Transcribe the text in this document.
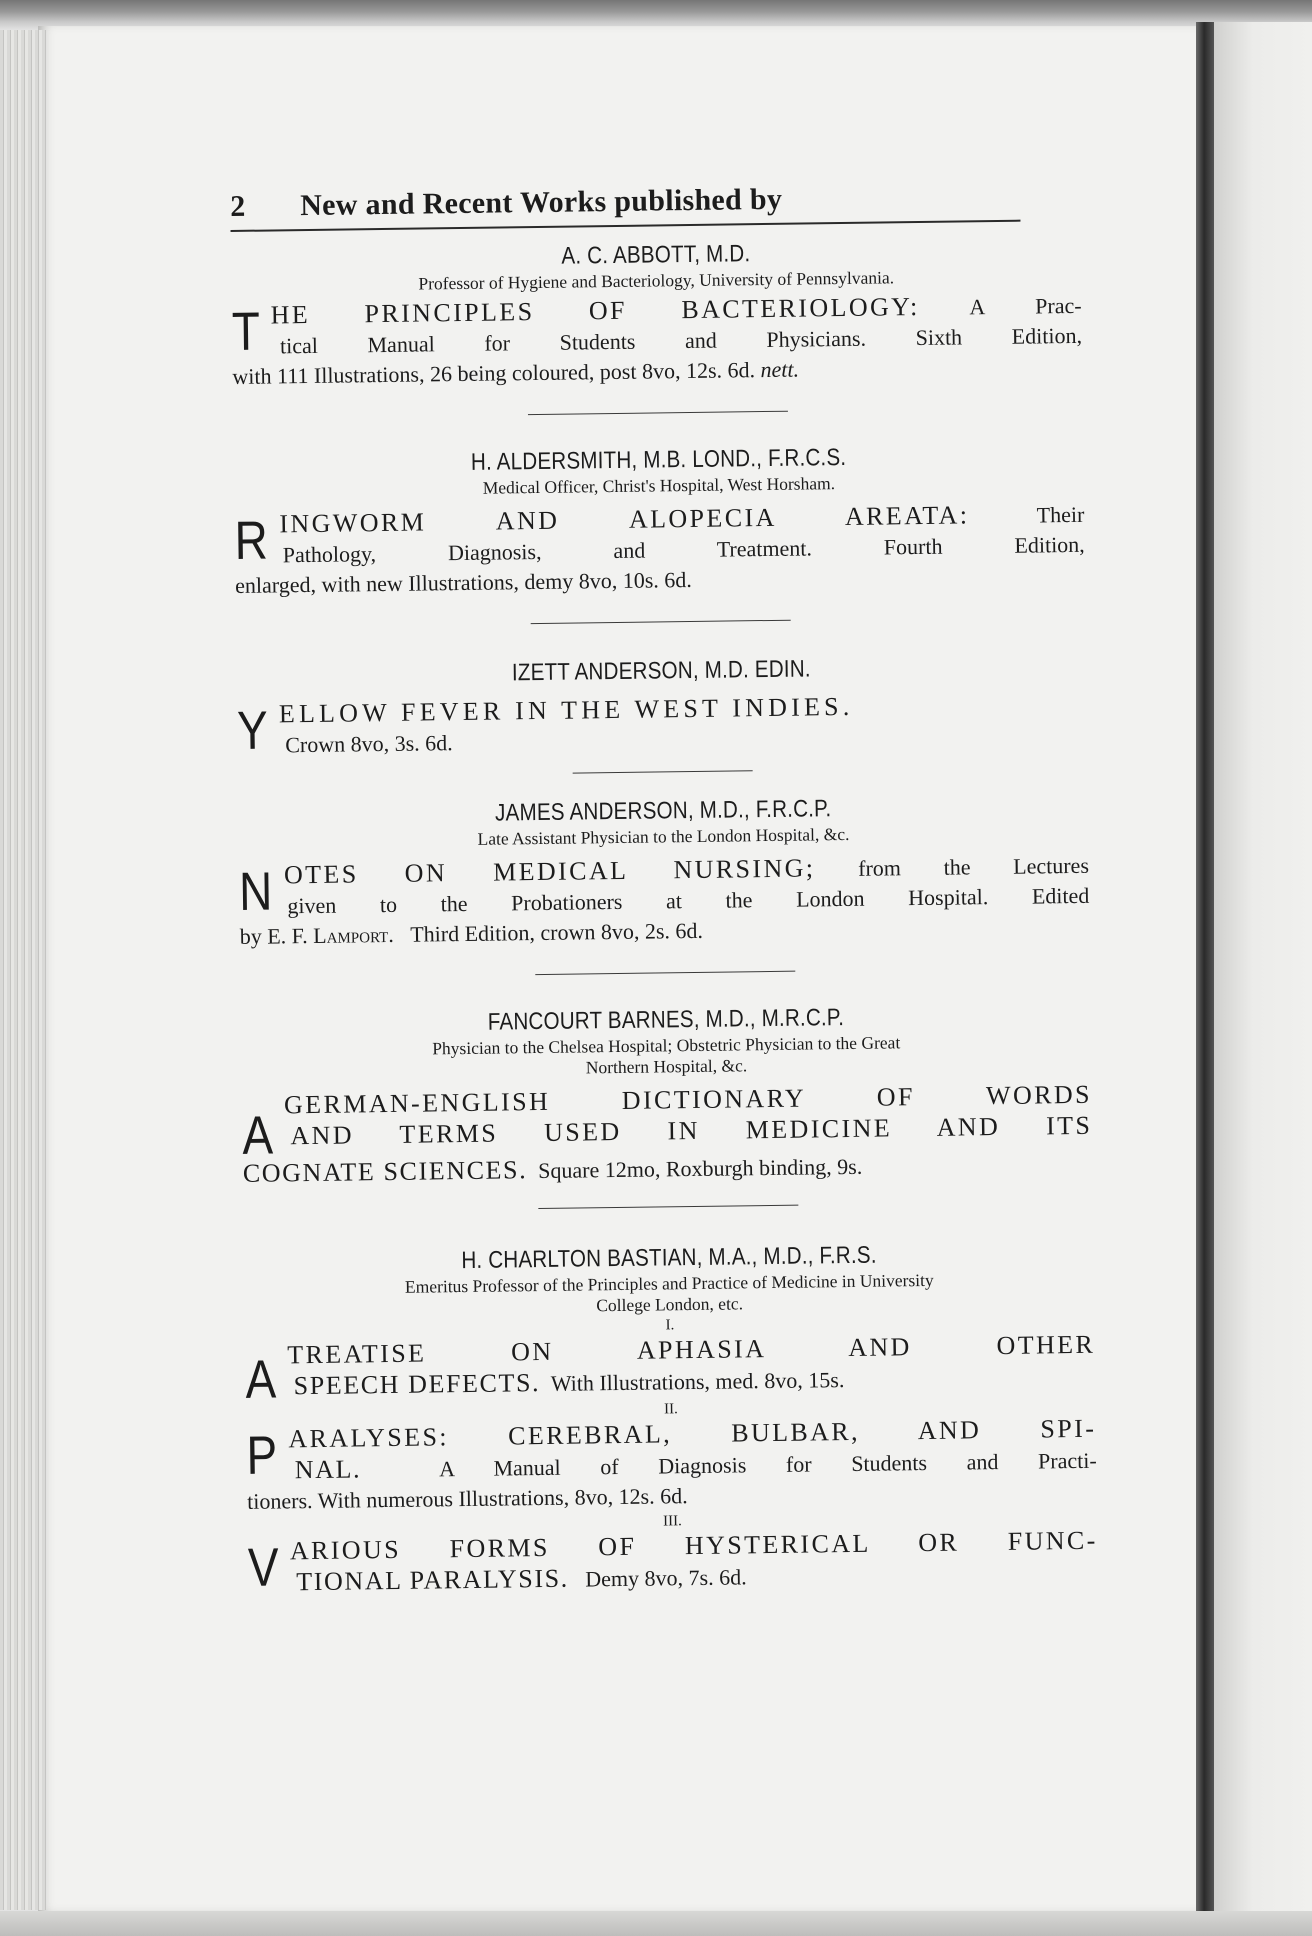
2	New and Recent Works published by

A. C. ABBOTT, M.D.

Professor of Hygiene and Bacteriology, University of Pennsylvania.

T HE PRINCIPLES OF BACTERIOLOGY: A Prac-
tical Manual for Students and Physicians. Sixth Edition,
with 111 Illustrations, 26 being coloured, post 8vo, 12s. 6d. nett.

H. ALDERSMITH, M.B. LOND., F.R.C.S.

Medical Officer, Christ's Hospital, West Horsham.

R INGWORM AND ALOPECIA AREATA:	Their
Pathology, Diagnosis, and Treatment. Fourth Edition,
enlarged, with new Illustrations, demy 8vo, 10s. 6d.

IZETT ANDERSON, M.D. EDIN.

Y ELLOW FEVER IN THE WEST INDIES.
Crown 8vo, 3s. 6d.

JAMES ANDERSON, M.D., F.R.C.P.

Late Assistant Physician to the London Hospital, &c.

N OTES ON MEDICAL NURSING; from the Lectures
given to the Probationers at the London Hospital. Edited
by E. F. Lamport. Third Edition, crown 8vo, 2s. 6d.

FANCOURT BARNES, M.D., M.R.C.P.

Physician to the Chelsea Hospital; Obstetric Physician to the Great

Northern Hospital, &c.

A
GERMAN-ENGLISH DICTIONARY OF WORDS
AND TERMS USED IN MEDICINE AND ITS
COGNATE SCIENCES. Square 12mo, Roxburgh binding, 9s.

H. CHARLTON BASTIAN, M.A., M.D., F.R.S.

Emeritus Professor of the Principles and Practice of Medicine in University

College London, etc.

I.

A TREATISE ON APHASIA AND OTHER
SPEECH DEFECTS. With Illustrations, med. 8vo, 15s.

II.

P ARALYSES: CEREBRAL, BULBAR, AND SPI-
NAL.	A Manual of Diagnosis for Students and Practi-
tioners. With numerous Illustrations, 8vo, 12s. 6d.

III.

V ARIOUS FORMS OF HYSTERICAL OR FUNC-
TIONAL PARALYSIS. Demy 8vo, 7s. 6d.
